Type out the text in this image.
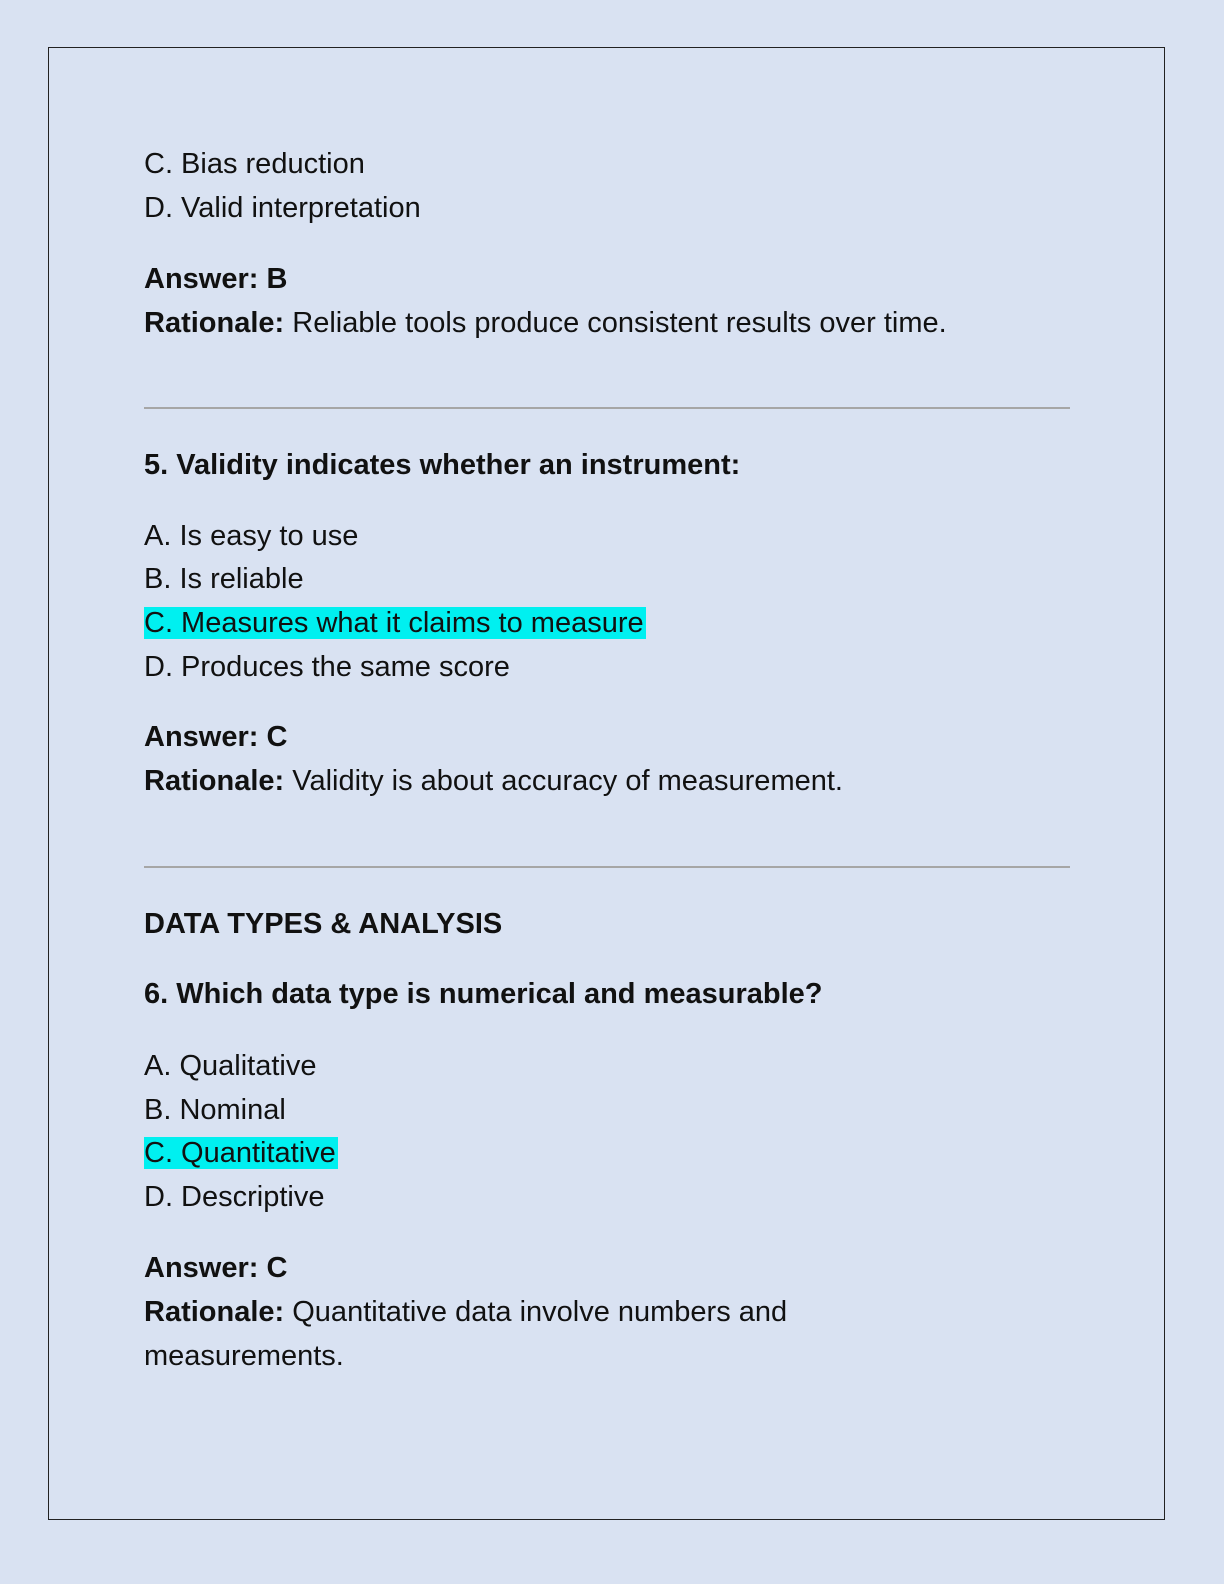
C. Bias reduction
D. Valid interpretation
Answer: B
Rationale: Reliable tools produce consistent results over time.
5. Validity indicates whether an instrument:
A. Is easy to use
B. Is reliable
C. Measures what it claims to measure
D. Produces the same score
Answer: C
Rationale: Validity is about accuracy of measurement.
DATA TYPES & ANALYSIS
6. Which data type is numerical and measurable?
A. Qualitative
B. Nominal
C. Quantitative
D. Descriptive
Answer: C
Rationale: Quantitative data involve numbers and
measurements.
